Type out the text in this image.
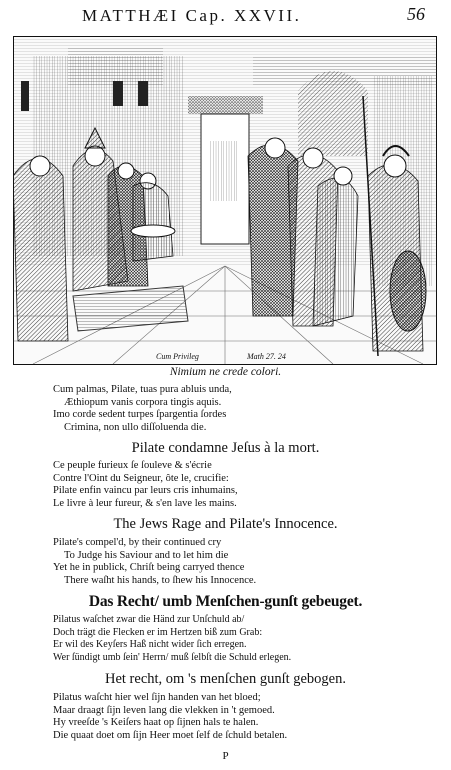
MATTHÆI Cap. XXVII.	56
Cum Privileg	Math 27. 24
Nimium ne crede colori.
Cum palmas, Pilate, tuas pura abluis unda,
Æthiopum vanis corpora tingis aquis.
Imo corde sedent turpes ſpargentia ſordes
Crimina, non ullo diſſoluenda die.
Pilate condamne Jeſus à la mort.
Ce peuple furieux ſe ſouleve & s'écrie
Contre l'Oint du Seigneur, ôte le, crucifie:
Pilate enfin vaincu par leurs cris inhumains,
Le livre à leur fureur, & s'en lave les mains.
The Jews Rage and Pilate's Innocence.
Pilate's compel'd, by their continued cry
To Judge his Saviour and to let him die
Yet he in publick, Chriſt being carryed thence
There waſht his hands, to ſhew his Innocence.
Das Recht/ umb Menſchen-gunſt gebeuget.
Pilatus waſchet zwar die Händ zur Unſchuld ab/
Doch trägt die Flecken er im Hertzen biß zum Grab:
Er wil des Keyſers Haß nicht wider ſich erregen.
Wer ſündigt umb ſein' Herrn/ muß ſelbſt die Schuld erlegen.
Het recht, om 's menſchen gunſt gebogen.
Pilatus waſcht hier wel ſijn handen van het bloed;
Maar draagt ſijn leven lang die vlekken in 't gemoed.
Hy vreeſde 's Keiſers haat op ſijnen hals te halen.
Die quaat doet om ſijn Heer moet ſelf de ſchuld betalen.
P
